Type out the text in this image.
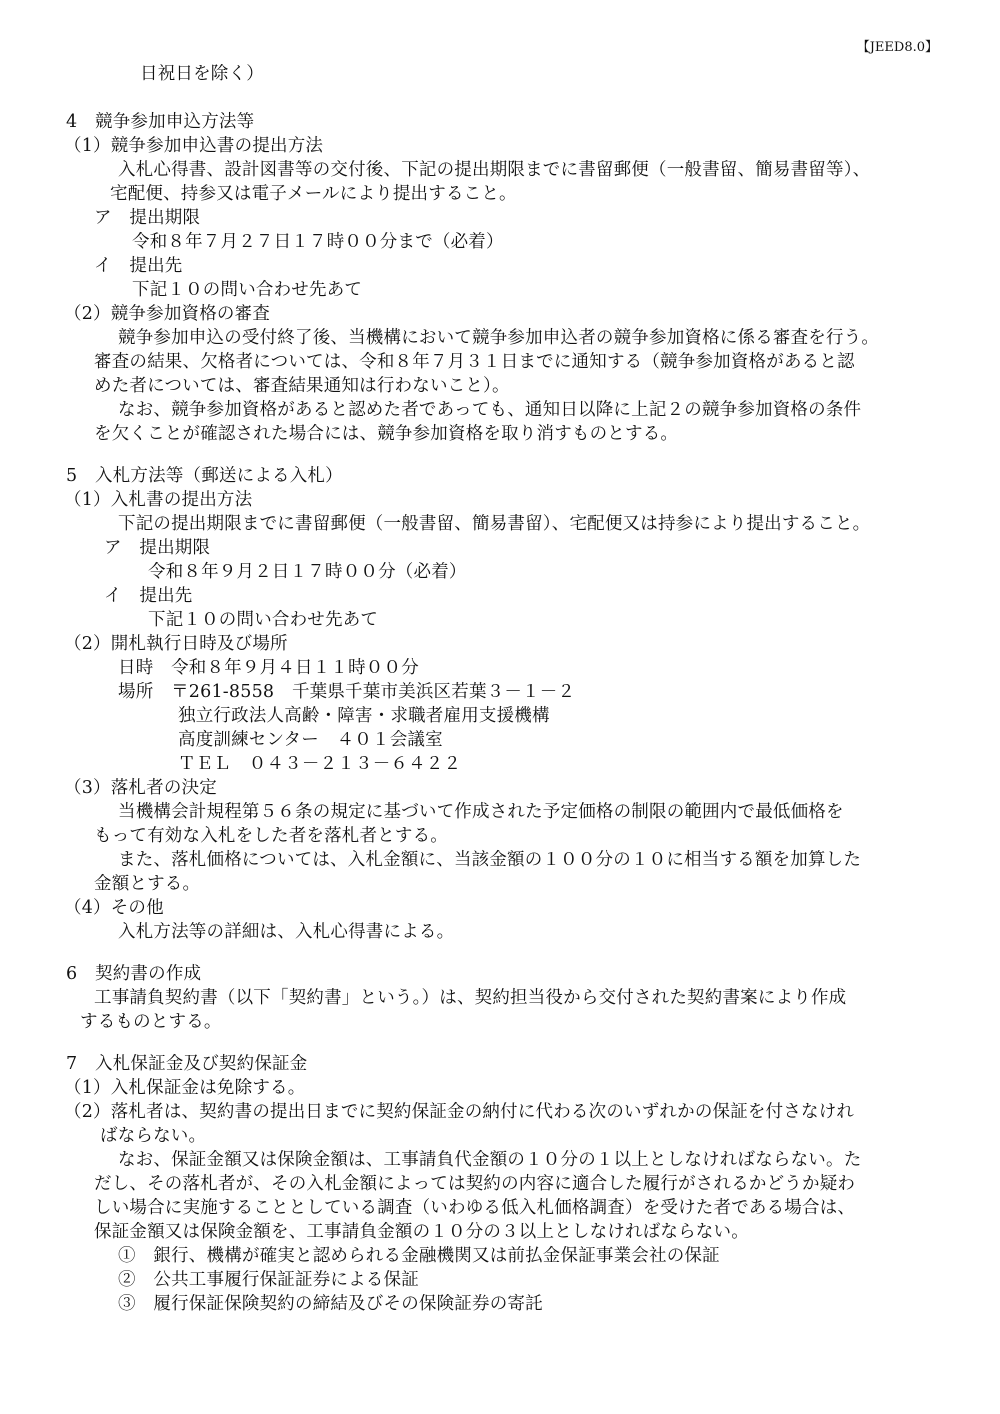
【JEED8.0】
日祝日を除く）
4　競争参加申込方法等
（1）競争参加申込書の提出方法
入札心得書、設計図書等の交付後、下記の提出期限までに書留郵便（一般書留、簡易書留等）、
宅配便、持参又は電子メールにより提出すること。
ア　提出期限
令和８年７月２７日１７時００分まで（必着）
イ　提出先
下記１０の問い合わせ先あて
（2）競争参加資格の審査
競争参加申込の受付終了後、当機構において競争参加申込者の競争参加資格に係る審査を行う。
審査の結果、欠格者については、令和８年７月３１日までに通知する（競争参加資格があると認
めた者については、審査結果通知は行わないこと）。
なお、競争参加資格があると認めた者であっても、通知日以降に上記２の競争参加資格の条件
を欠くことが確認された場合には、競争参加資格を取り消すものとする。
5　入札方法等（郵送による入札）
（1）入札書の提出方法
下記の提出期限までに書留郵便（一般書留、簡易書留）、宅配便又は持参により提出すること。
ア　提出期限
令和８年９月２日１７時００分（必着）
イ　提出先
下記１０の問い合わせ先あて
（2）開札執行日時及び場所
日時　令和８年９月４日１１時００分
場所　〒261-8558　千葉県千葉市美浜区若葉３－１－２
独立行政法人高齢・障害・求職者雇用支援機構
高度訓練センター　４０１会議室
ＴＥＬ　０４３－２１３－６４２２
（3）落札者の決定
当機構会計規程第５６条の規定に基づいて作成された予定価格の制限の範囲内で最低価格を
もって有効な入札をした者を落札者とする。
また、落札価格については、入札金額に、当該金額の１００分の１０に相当する額を加算した
金額とする。
（4）その他
入札方法等の詳細は、入札心得書による。
6　契約書の作成
工事請負契約書（以下「契約書」という。）は、契約担当役から交付された契約書案により作成
するものとする。
7　入札保証金及び契約保証金
（1）入札保証金は免除する。
（2）落札者は、契約書の提出日までに契約保証金の納付に代わる次のいずれかの保証を付さなけれ
ばならない。
なお、保証金額又は保険金額は、工事請負代金額の１０分の１以上としなければならない。た
だし、その落札者が、その入札金額によっては契約の内容に適合した履行がされるかどうか疑わ
しい場合に実施することとしている調査（いわゆる低入札価格調査）を受けた者である場合は、
保証金額又は保険金額を、工事請負金額の１０分の３以上としなければならない。
①　銀行、機構が確実と認められる金融機関又は前払金保証事業会社の保証
②　公共工事履行保証証券による保証
③　履行保証保険契約の締結及びその保険証券の寄託
